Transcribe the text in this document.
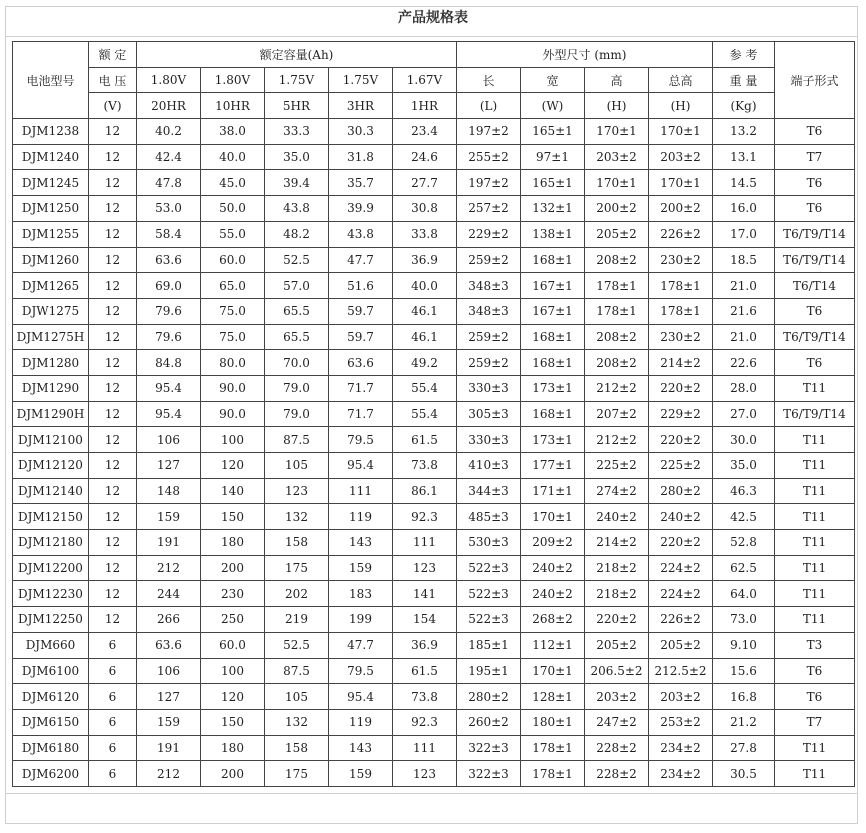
产品规格表
电池型号	额 定	额定容量(Ah)					外型尺寸 (mm)				参 考	端子形式
	电 压	1.80V	1.80V	1.75V	1.75V	1.67V	长	宽	高	总高	重 量	
	(V)	20HR	10HR	5HR	3HR	1HR	(L)	(W)	(H)	(H)	(Kg)	
DJM1238	12	40.2	38.0	33.3	30.3	23.4	197±2	165±1	170±1	170±1	13.2	T6
DJM1240	12	42.4	40.0	35.0	31.8	24.6	255±2	97±1	203±2	203±2	13.1	T7
DJM1245	12	47.8	45.0	39.4	35.7	27.7	197±2	165±1	170±1	170±1	14.5	T6
DJM1250	12	53.0	50.0	43.8	39.9	30.8	257±2	132±1	200±2	200±2	16.0	T6
DJM1255	12	58.4	55.0	48.2	43.8	33.8	229±2	138±1	205±2	226±2	17.0	T6/T9/T14
DJM1260	12	63.6	60.0	52.5	47.7	36.9	259±2	168±1	208±2	230±2	18.5	T6/T9/T14
DJM1265	12	69.0	65.0	57.0	51.6	40.0	348±3	167±1	178±1	178±1	21.0	T6/T14
DJW1275	12	79.6	75.0	65.5	59.7	46.1	348±3	167±1	178±1	178±1	21.6	T6
DJM1275H	12	79.6	75.0	65.5	59.7	46.1	259±2	168±1	208±2	230±2	21.0	T6/T9/T14
DJM1280	12	84.8	80.0	70.0	63.6	49.2	259±2	168±1	208±2	214±2	22.6	T6
DJM1290	12	95.4	90.0	79.0	71.7	55.4	330±3	173±1	212±2	220±2	28.0	T11
DJM1290H	12	95.4	90.0	79.0	71.7	55.4	305±3	168±1	207±2	229±2	27.0	T6/T9/T14
DJM12100	12	106	100	87.5	79.5	61.5	330±3	173±1	212±2	220±2	30.0	T11
DJM12120	12	127	120	105	95.4	73.8	410±3	177±1	225±2	225±2	35.0	T11
DJM12140	12	148	140	123	111	86.1	344±3	171±1	274±2	280±2	46.3	T11
DJM12150	12	159	150	132	119	92.3	485±3	170±1	240±2	240±2	42.5	T11
DJM12180	12	191	180	158	143	111	530±3	209±2	214±2	220±2	52.8	T11
DJM12200	12	212	200	175	159	123	522±3	240±2	218±2	224±2	62.5	T11
DJM12230	12	244	230	202	183	141	522±3	240±2	218±2	224±2	64.0	T11
DJM12250	12	266	250	219	199	154	522±3	268±2	220±2	226±2	73.0	T11
DJM660	6	63.6	60.0	52.5	47.7	36.9	185±1	112±1	205±2	205±2	9.10	T3
DJM6100	6	106	100	87.5	79.5	61.5	195±1	170±1	206.5±2	212.5±2	15.6	T6
DJM6120	6	127	120	105	95.4	73.8	280±2	128±1	203±2	203±2	16.8	T6
DJM6150	6	159	150	132	119	92.3	260±2	180±1	247±2	253±2	21.2	T7
DJM6180	6	191	180	158	143	111	322±3	178±1	228±2	234±2	27.8	T11
DJM6200	6	212	200	175	159	123	322±3	178±1	228±2	234±2	30.5	T11
